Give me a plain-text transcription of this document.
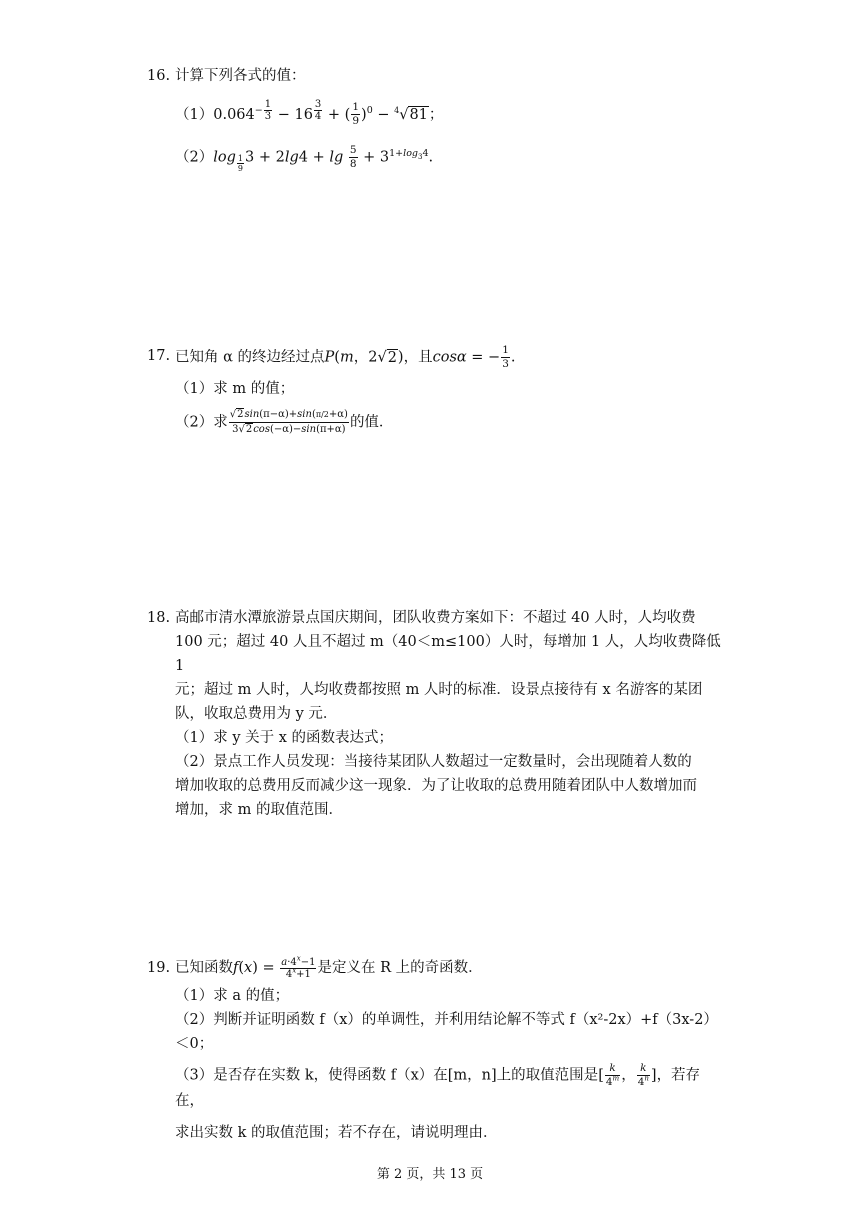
16. 计算下列各式的值：
$(1)0.064^{- \frac{1}{3}} - 16$ $^{\frac{3}{4}}$ + ( $\frac{1}{9} )^0 - ^4√81$；
（2）log $_{\frac{1}{9}}$ $3 + 2\lg 4 + \lg \frac{5}{8} + 3^{1+log_34}$.
17. 已知角 α 的终边经过点P(m，2√2)，且cosα = − $\frac{1}{3}$ .
（1）求 m 的值；
（2）求 $\frac{√2\sin(\pi-\alpha)+\sin(\pi/2+\alpha)}{3√2\cos(-\alpha)-\sin(\pi+\alpha)}$ 的值．
18. 高邮市清水潭旅游景点国庆期间，团队收费方案如下：不超过 40 人时，人均收费
100 元；超过 40 人且不超过 m（40＜m≤100）人时，每增加 1 人，人均收费降低 1
元；超过 m 人时，人均收费都按照 m 人时的标准．设景点接待有 x 名游客的某团
队，收取总费用为 y 元．
（1）求 y 关于 x 的函数表达式；
（2）景点工作人员发现：当接待某团队人数超过一定数量时，会出现随着人数的
增加收取的总费用反而减少这一现象．为了让收取的总费用随着团队中人数增加而
增加，求 m 的取值范围．
19. 已知函数$f(x) = \frac{a\cdot 4^x-1}{4^x+1}$ 是定义在 R 上的奇函数．
（1）求 a 的值；
（2）判断并证明函数 f（x）的单调性，并利用结论解不等式 f（x²-2x）+f（3x-2）
＜0；
（3）是否存在实数 k，使得函数 f（x）在[m，n]上的取值范围是[ $\frac{k}{4^m}$ ， $\frac{k}{4^n}$ ]，若存在，
求出实数 k 的取值范围；若不存在，请说明理由．
第 2 页，共 13 页
